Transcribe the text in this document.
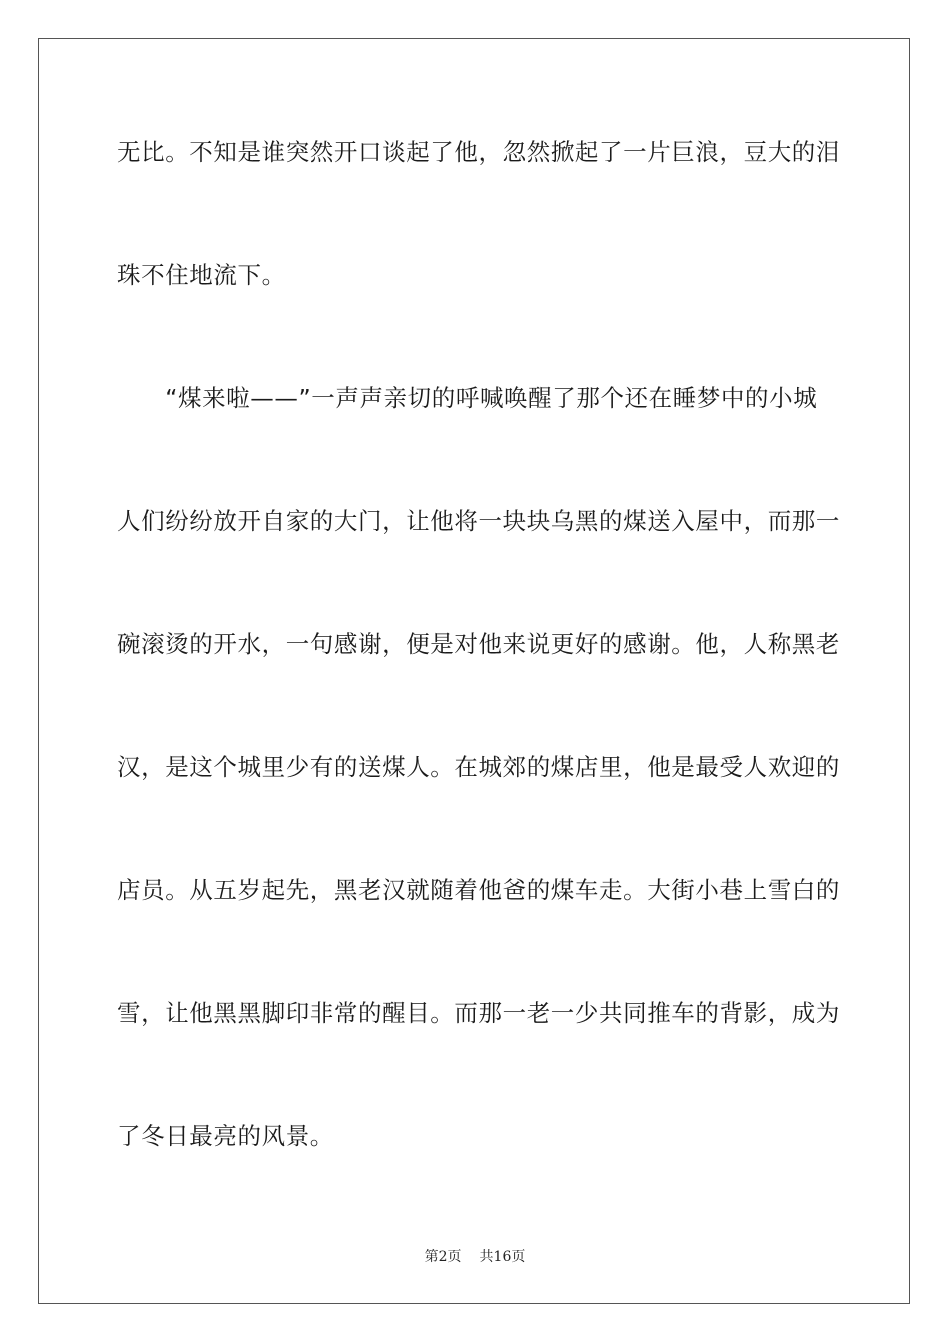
无比。不知是谁突然开口谈起了他，忽然掀起了一片巨浪，豆大的泪

珠不住地流下。

　　“煤来啦——”一声声亲切的呼喊唤醒了那个还在睡梦中的小城

人们纷纷放开自家的大门，让他将一块块乌黑的煤送入屋中，而那一

碗滚烫的开水，一句感谢，便是对他来说更好的感谢。他，人称黑老

汉，是这个城里少有的送煤人。在城郊的煤店里，他是最受人欢迎的

店员。从五岁起先，黑老汉就随着他爸的煤车走。大街小巷上雪白的

雪，让他黑黑脚印非常的醒目。而那一老一少共同推车的背影，成为

了冬日最亮的风景。

第2页 共16页
